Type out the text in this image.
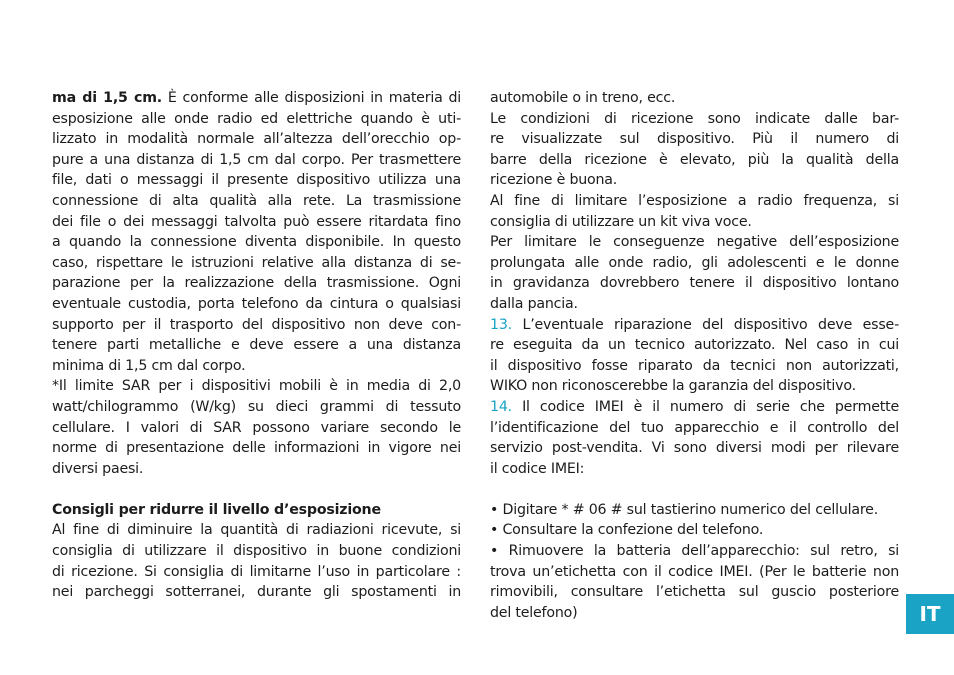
ma di 1,5 cm. È conforme alle disposizioni in materia di
esposizione alle onde radio ed elettriche quando è uti-
lizzato in modalità normale all’altezza dell’orecchio op-
pure a una distanza di 1,5 cm dal corpo. Per trasmettere
file, dati o messaggi il presente dispositivo utilizza una
connessione di alta qualità alla rete. La trasmissione
dei file o dei messaggi talvolta può essere ritardata fino
a quando la connessione diventa disponibile. In questo
caso, rispettare le istruzioni relative alla distanza di se-
parazione per la realizzazione della trasmissione. Ogni
eventuale custodia, porta telefono da cintura o qualsiasi
supporto per il trasporto del dispositivo non deve con-
tenere parti metalliche e deve essere a una distanza
minima di 1,5 cm dal corpo.
*Il limite SAR per i dispositivi mobili è in media di 2,0
watt/chilogrammo (W/kg) su dieci grammi di tessuto
cellulare. I valori di SAR possono variare secondo le
norme di presentazione delle informazioni in vigore nei
diversi paesi.
Consigli per ridurre il livello d’esposizione
Al fine di diminuire la quantità di radiazioni ricevute, si
consiglia di utilizzare il dispositivo in buone condizioni
di ricezione. Si consiglia di limitarne l’uso in particolare :
nei parcheggi sotterranei, durante gli spostamenti in
automobile o in treno, ecc.
Le condizioni di ricezione sono indicate dalle bar-
re visualizzate sul dispositivo. Più il numero di
barre della ricezione è elevato, più la qualità della
ricezione è buona.
Al fine di limitare l’esposizione a radio frequenza, si
consiglia di utilizzare un kit viva voce.
Per limitare le conseguenze negative dell’esposizione
prolungata alle onde radio, gli adolescenti e le donne
in gravidanza dovrebbero tenere il dispositivo lontano
dalla pancia.
13. L’eventuale riparazione del dispositivo deve esse-
re eseguita da un tecnico autorizzato. Nel caso in cui
il dispositivo fosse riparato da tecnici non autorizzati,
WIKO non riconoscerebbe la garanzia del dispositivo.
14. Il codice IMEI è il numero di serie che permette
l’identificazione del tuo apparecchio e il controllo del
servizio post-vendita. Vi sono diversi modi per rilevare
il codice IMEI:
• Digitare * # 06 # sul tastierino numerico del cellulare.
• Consultare la confezione del telefono.
• Rimuovere la batteria dell’apparecchio: sul retro, si
trova un’etichetta con il codice IMEI. (Per le batterie non
rimovibili, consultare l’etichetta sul guscio posteriore
del telefono)	IT
